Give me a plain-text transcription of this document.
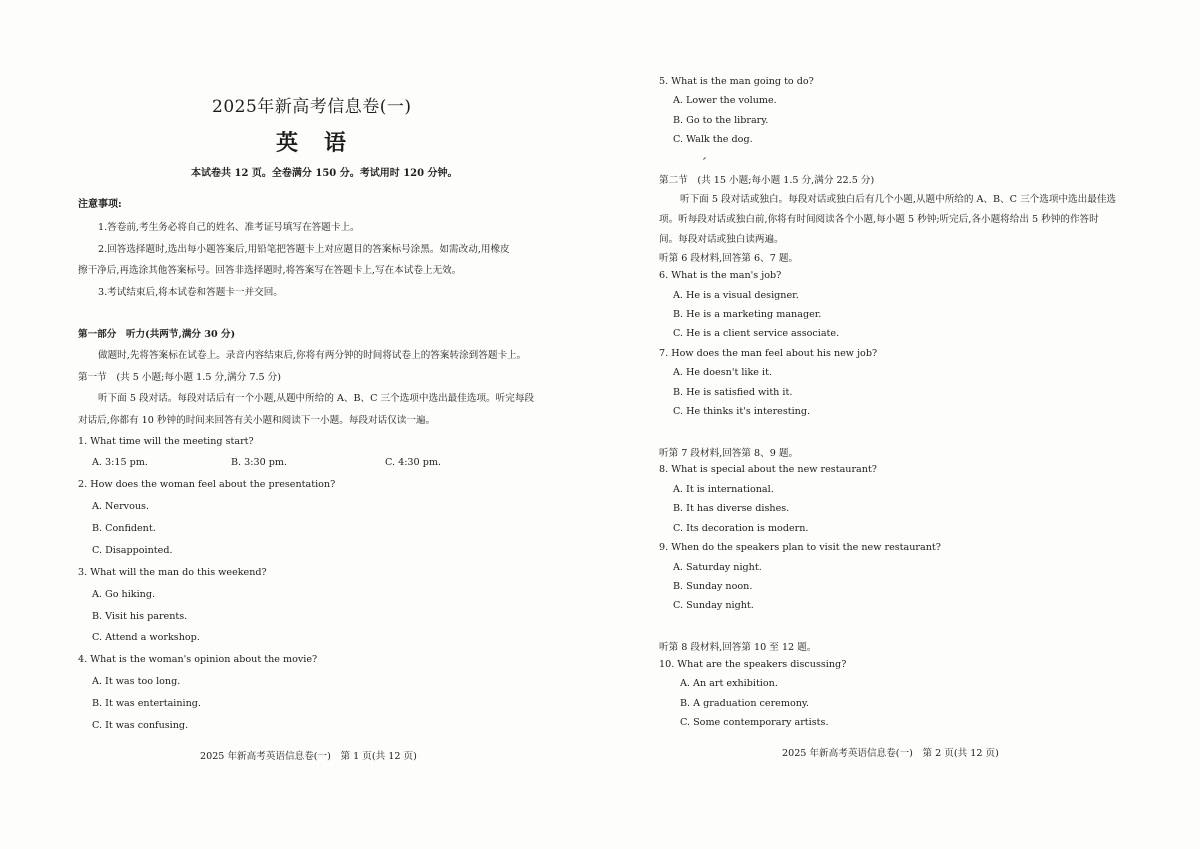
2025年新高考信息卷(一)
英语
本试卷共 12 页。全卷满分 150 分。考试用时 120 分钟。
注意事项:
1.答卷前,考生务必将自己的姓名、准考证号填写在答题卡上。
2.回答选择题时,选出每小题答案后,用铅笔把答题卡上对应题目的答案标号涂黑。如需改动,用橡皮
擦干净后,再选涂其他答案标号。回答非选择题时,将答案写在答题卡上,写在本试卷上无效。
3.考试结束后,将本试卷和答题卡一并交回。
第一部分　听力(共两节,满分 30 分)
做题时,先将答案标在试卷上。录音内容结束后,你将有两分钟的时间将试卷上的答案转涂到答题卡上。
第一节　(共 5 小题;每小题 1.5 分,满分 7.5 分)
听下面 5 段对话。每段对话后有一个小题,从题中所给的 A、B、C 三个选项中选出最佳选项。听完每段
对话后,你都有 10 秒钟的时间来回答有关小题和阅读下一小题。每段对话仅读一遍。
1. What time will the meeting start?
A. 3:15 pm.	B. 3:30 pm.	C. 4:30 pm.
2. How does the woman feel about the presentation?
A. Nervous.
B. Confident.
C. Disappointed.
3. What will the man do this weekend?
A. Go hiking.
B. Visit his parents.
C. Attend a workshop.
4. What is the woman's opinion about the movie?
A. It was too long.
B. It was entertaining.
C. It was confusing.
2025 年新高考英语信息卷(一)　第 1 页(共 12 页)
5. What is the man going to do?
A. Lower the volume.
B. Go to the library.
C. Walk the dog.
第二节　(共 15 小题;每小题 1.5 分,满分 22.5 分)
听下面 5 段对话或独白。每段对话或独白后有几个小题,从题中所给的 A、B、C 三个选项中选出最佳选
项。听每段对话或独白前,你将有时间阅读各个小题,每小题 5 秒钟;听完后,各小题将给出 5 秒钟的作答时
间。每段对话或独白读两遍。
听第 6 段材料,回答第 6、7 题。
6. What is the man's job?
A. He is a visual designer.
B. He is a marketing manager.
C. He is a client service associate.
7. How does the man feel about his new job?
A. He doesn't like it.
B. He is satisfied with it.
C. He thinks it's interesting.
听第 7 段材料,回答第 8、9 题。
8. What is special about the new restaurant?
A. It is international.
B. It has diverse dishes.
C. Its decoration is modern.
9. When do the speakers plan to visit the new restaurant?
A. Saturday night.
B. Sunday noon.
C. Sunday night.
听第 8 段材料,回答第 10 至 12 题。
10. What are the speakers discussing?
A. An art exhibition.
B. A graduation ceremony.
C. Some contemporary artists.
2025 年新高考英语信息卷(一)　第 2 页(共 12 页)
